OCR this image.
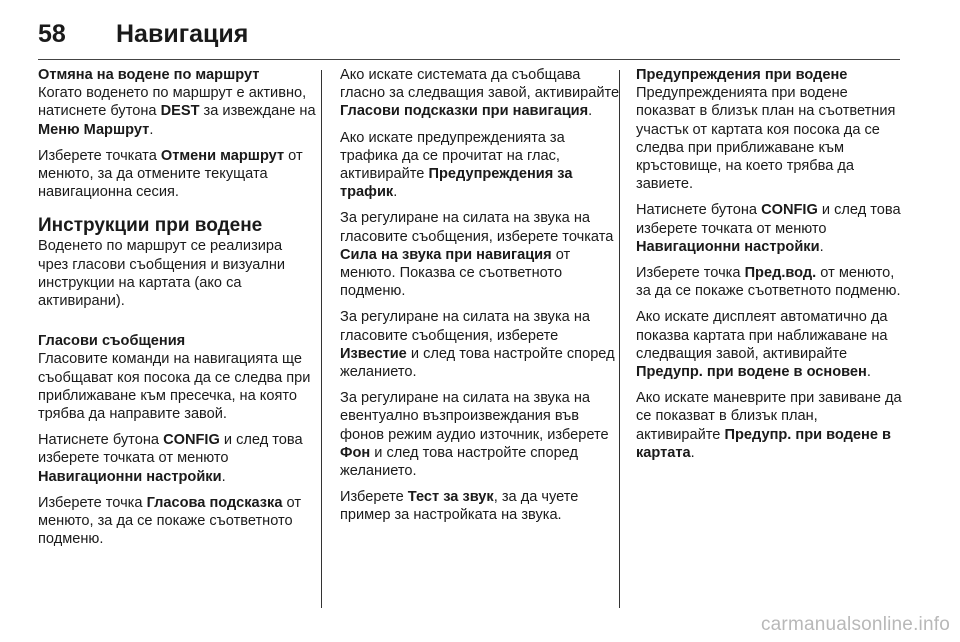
58 Навигация
Отмяна на водене по маршрут

Когато воденето по маршрут е активно, натиснете бутона DEST за извеждане на Меню Маршрут.

Изберете точката Отмени маршрут от менюто, за да отмените текущата навигационна сесия.

Инструкции при водене

Воденето по маршрут се реализира чрез гласови съобщения и визуални инструкции на картата (ако са активирани).

Гласови съобщения

Гласовите команди на навигацията ще съобщават коя посока да се следва при приближаване към пресечка, на която трябва да направите завой.

Натиснете бутона CONFIG и след това изберете точката от менюто Навигационни настройки.

Изберете точка Гласова подсказка от менюто, за да се покаже съответното подменю.

Ако искате системата да съобщава гласно за следващия завой, активирайте Гласови подсказки при навигация.

Ако искате предупрежденията за трафика да се прочитат на глас, активирайте Предупреждения за трафик.

За регулиране на силата на звука на гласовите съобщения, изберете точката Сила на звука при навигация от менюто. Показва се съответното подменю.

За регулиране на силата на звука на гласовите съобщения, изберете Известие и след това настройте според желанието.

За регулиране на силата на звука на евентуално възпроизвеждания във фонов режим аудио източник, изберете Фон и след това настройте според желанието.

Изберете Тест за звук, за да чуете пример за настройката на звука.

Предупреждения при водене

Предупрежденията при водене показват в близък план на съответния участък от картата коя посока да се следва при приближаване към кръстовище, на което трябва да завиете.

Натиснете бутона CONFIG и след това изберете точката от менюто Навигационни настройки.

Изберете точка Пред.вод. от менюто, за да се покаже съответното подменю.

Ако искате дисплеят автоматично да показва картата при наближаване на следващия завой, активирайте Предупр. при водене в основен.

Ако искате маневрите при завиване да се показват в близък план, активирайте Предупр. при водене в картата.

carmanualsonline.info
